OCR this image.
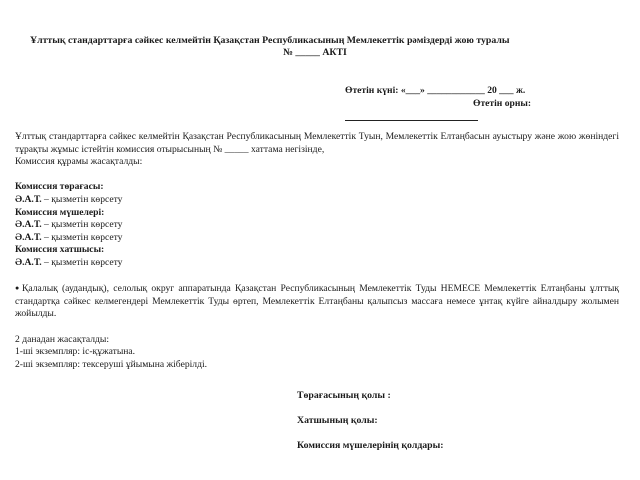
Ұлттық стандарттарға сәйкес келмейтін Қазақстан Республикасының Мемлекеттік рәміздерді жою туралы
№ _____ АКТІ
Өтетін күні: «___» ____________ 20 ___ ж.
Өтетін орны:

Ұлттық стандарттарға сәйкес келмейтін Қазақстан Республикасының Мемлекеттік Туын, Мемлекеттік Елтаңбасын ауыстыру және жою жөніндегі тұрақты жұмыс істейтін комиссия отырысының № _____ хаттама негізінде,

Комиссия құрамы жасақталды:

Комиссия төрағасы:

Ә.А.Т. – қызметін көрсету

Комиссия мүшелері:

Ә.А.Т. – қызметін көрсету

Ә.А.Т. – қызметін көрсету

Комиссия хатшысы:

Ә.А.Т. – қызметін көрсету

●Қалалық (аудандық), селолық округ аппаратында Қазақстан Республикасының Мемлекеттік Туды НЕМЕСЕ Мемлекеттік Елтаңбаны ұлттық стандартқа сәйкес келмегендері Мемлекеттік Туды өртеп, Мемлекеттік Елтаңбаны қалыпсыз массаға немесе ұнтақ күйге айналдыру жолымен жойылды.

2 данадан жасақталды:

1-ші экземпляр: іс-құжатына.

2-ші экземпляр: тексеруші ұйымына жіберілді.

Төрағасының қолы :
Хатшының қолы:
Комиссия мүшелерінің қолдары:
